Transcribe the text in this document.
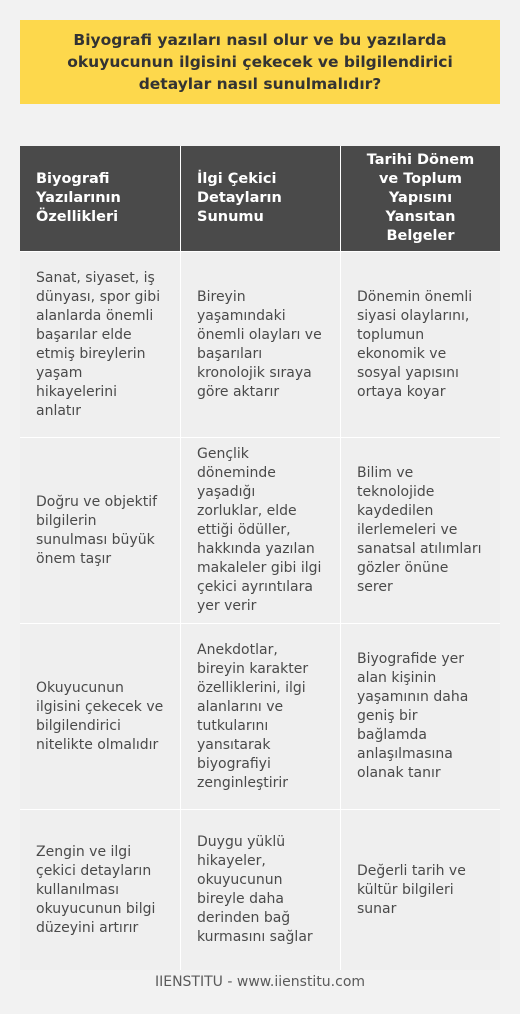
Biyografi yazıları nasıl olur ve bu yazılarda okuyucunun ilgisini çekecek ve bilgilendirici detaylar nasıl sunulmalıdır?
Biyografi Yazılarının Özellikleri
İlgi Çekici Detayların Sunumu
Tarihi Dönem ve Toplum Yapısını Yansıtan Belgeler
Sanat, siyaset, iş dünyası, spor gibi alanlarda önemli başarılar elde etmiş bireylerin yaşam hikayelerini anlatır
Bireyin yaşamındaki önemli olayları ve başarıları kronolojik sıraya göre aktarır
Dönemin önemli siyasi olaylarını, toplumun ekonomik ve sosyal yapısını ortaya koyar
Doğru ve objektif bilgilerin sunulması büyük önem taşır
Gençlik döneminde yaşadığı zorluklar, elde ettiği ödüller, hakkında yazılan makaleler gibi ilgi çekici ayrıntılara yer verir
Bilim ve teknolojide kaydedilen ilerlemeleri ve sanatsal atılımları gözler önüne serer
Okuyucunun ilgisini çekecek ve bilgilendirici nitelikte olmalıdır
Anekdotlar, bireyin karakter özelliklerini, ilgi alanlarını ve tutkularını yansıtarak biyografiyi zenginleştirir
Biyografide yer alan kişinin yaşamının daha geniş bir bağlamda anlaşılmasına olanak tanır
Zengin ve ilgi çekici detayların kullanılması okuyucunun bilgi düzeyini artırır
Duygu yüklü hikayeler, okuyucunun bireyle daha derinden bağ kurmasını sağlar
Değerli tarih ve kültür bilgileri sunar
IIENSTITU - www.iienstitu.com
